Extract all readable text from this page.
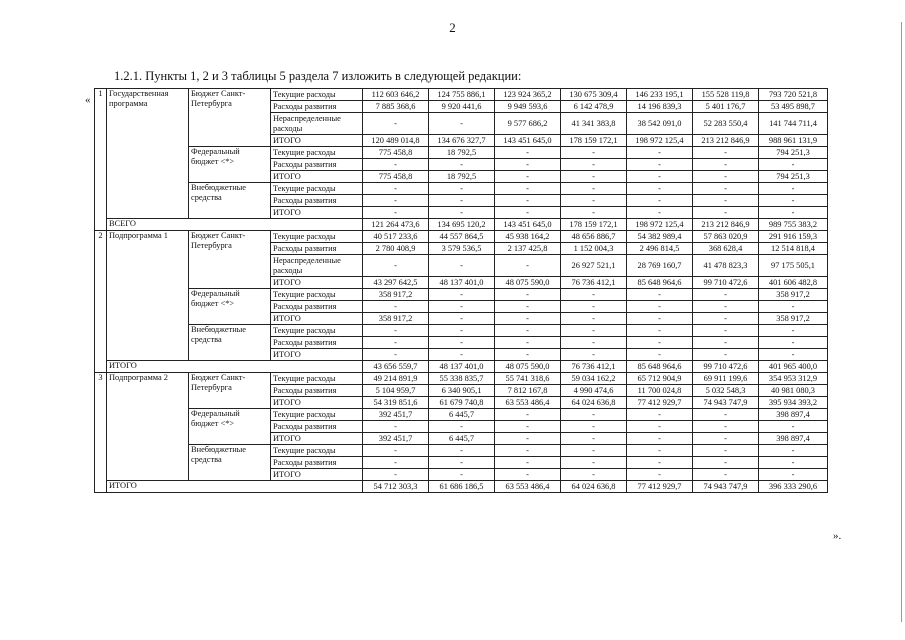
2
1.2.1. Пункты 1, 2 и 3 таблицы 5 раздела 7 изложить в следующей редакции:
«
».
1	Государственная программа	Бюджет Санкт-Петербурга	Текущие расходы	112 603 646,2	124 755 886,1	123 924 365,2	130 675 309,4	146 233 195,1	155 528 119,8	793 720 521,8
			Расходы развития	7 885 368,6	9 920 441,6	9 949 593,6	6 142 478,9	14 196 839,3	5 401 176,7	53 495 898,7
			Нераспределенные расходы	-	-	9 577 686,2	41 341 383,8	38 542 091,0	52 283 550,4	141 744 711,4
			ИТОГО	120 489 014,8	134 676 327,7	143 451 645,0	178 159 172,1	198 972 125,4	213 212 846,9	988 961 131,9
		Федеральный бюджет <*>	Текущие расходы	775 458,8	18 792,5	-	-	-	-	794 251,3
			Расходы развития	-	-	-	-	-	-	-
			ИТОГО	775 458,8	18 792,5	-	-	-	-	794 251,3
		Внебюджетные средства	Текущие расходы	-	-	-	-	-	-	-
			Расходы развития	-	-	-	-	-	-	-
			ИТОГО	-	-	-	-	-	-	-
	ВСЕГО			121 264 473,6	134 695 120,2	143 451 645,0	178 159 172,1	198 972 125,4	213 212 846,9	989 755 383,2
2	Подпрограмма 1	Бюджет Санкт-Петербурга	Текущие расходы	40 517 233,6	44 557 864,5	45 938 164,2	48 656 886,7	54 382 989,4	57 863 020,9	291 916 159,3
			Расходы развития	2 780 408,9	3 579 536,5	2 137 425,8	1 152 004,3	2 496 814,5	368 628,4	12 514 818,4
			Нераспределенные расходы	-	-	-	26 927 521,1	28 769 160,7	41 478 823,3	97 175 505,1
			ИТОГО	43 297 642,5	48 137 401,0	48 075 590,0	76 736 412,1	85 648 964,6	99 710 472,6	401 606 482,8
		Федеральный бюджет <*>	Текущие расходы	358 917,2	-	-	-	-	-	358 917,2
			Расходы развития	-	-	-	-	-	-	-
			ИТОГО	358 917,2	-	-	-	-	-	358 917,2
		Внебюджетные средства	Текущие расходы	-	-	-	-	-	-	-
			Расходы развития	-	-	-	-	-	-	-
			ИТОГО	-	-	-	-	-	-	-
	ИТОГО			43 656 559,7	48 137 401,0	48 075 590,0	76 736 412,1	85 648 964,6	99 710 472,6	401 965 400,0
3	Подпрограмма 2	Бюджет Санкт-Петербурга	Текущие расходы	49 214 891,9	55 338 835,7	55 741 318,6	59 034 162,2	65 712 904,9	69 911 199,6	354 953 312,9
			Расходы развития	5 104 959,7	6 340 905,1	7 812 167,8	4 990 474,6	11 700 024,8	5 032 548,3	40 981 080,3
			ИТОГО	54 319 851,6	61 679 740,8	63 553 486,4	64 024 636,8	77 412 929,7	74 943 747,9	395 934 393,2
		Федеральный бюджет <*>	Текущие расходы	392 451,7	6 445,7	-	-	-	-	398 897,4
			Расходы развития	-	-	-	-	-	-	-
			ИТОГО	392 451,7	6 445,7	-	-	-	-	398 897,4
		Внебюджетные средства	Текущие расходы	-	-	-	-	-	-	-
			Расходы развития	-	-	-	-	-	-	-
			ИТОГО	-	-	-	-	-	-	-
	ИТОГО			54 712 303,3	61 686 186,5	63 553 486,4	64 024 636,8	77 412 929,7	74 943 747,9	396 333 290,6
